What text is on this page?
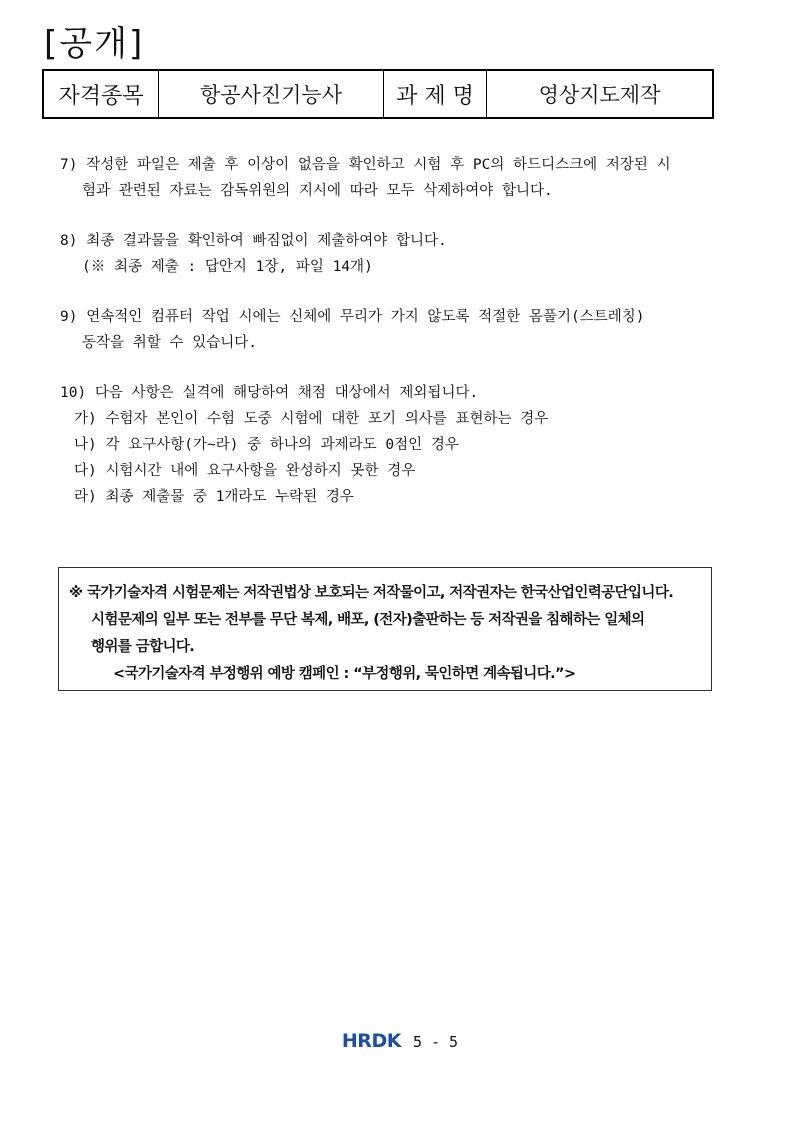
[공개]
자격종목	항공사진기능사	과 제 명	영상지도제작

7) 작성한 파일은 제출 후 이상이 없음을 확인하고 시험 후 PC의 하드디스크에 저장된 시

험과 관련된 자료는 감독위원의 지시에 따라 모두 삭제하여야 합니다.

8) 최종 결과물을 확인하여 빠짐없이 제출하여야 합니다.

(※ 최종 제출 : 답안지 1장, 파일 14개)

9) 연속적인 컴퓨터 작업 시에는 신체에 무리가 가지 않도록 적절한 몸풀기(스트레칭)

동작을 취할 수 있습니다.

10) 다음 사항은 실격에 해당하여 채점 대상에서 제외됩니다.

가) 수험자 본인이 수험 도중 시험에 대한 포기 의사를 표현하는 경우

나) 각 요구사항(가~라) 중 하나의 과제라도 0점인 경우

다) 시험시간 내에 요구사항을 완성하지 못한 경우

라) 최종 제출물 중 1개라도 누락된 경우

※ 국가기술자격 시험문제는 저작권법상 보호되는 저작물이고, 저작권자는 한국산업인력공단입니다.

시험문제의 일부 또는 전부를 무단 복제, 배포, (전자)출판하는 등 저작권을 침해하는 일체의

행위를 금합니다.

<국가기술자격 부정행위 예방 캠페인 : “부정행위, 묵인하면 계속됩니다.”>

HRDK 5 - 5
